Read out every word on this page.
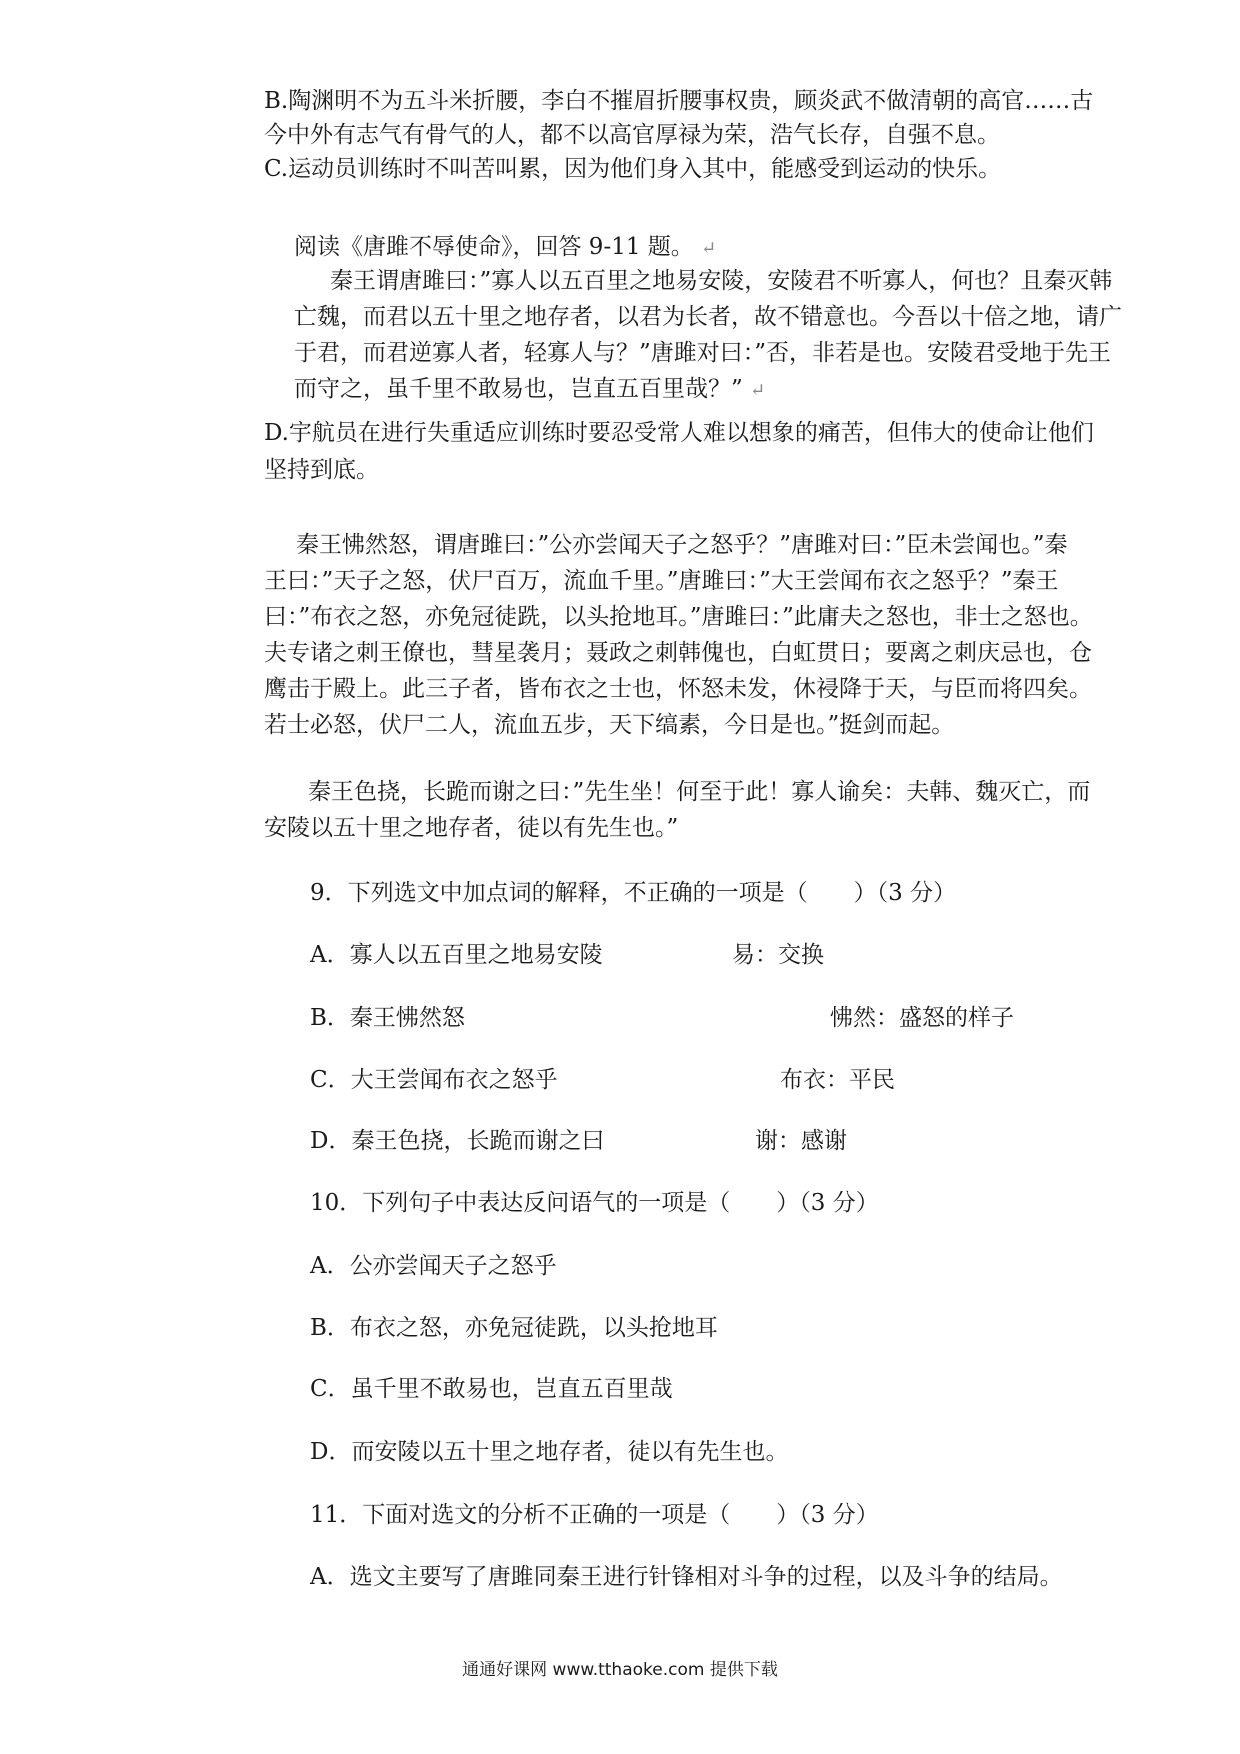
B.陶渊明不为五斗米折腰，李白不摧眉折腰事权贵，顾炎武不做清朝的高官……古
今中外有志气有骨气的人，都不以高官厚禄为荣，浩气长存，自强不息。
C.运动员训练时不叫苦叫累，因为他们身入其中，能感受到运动的快乐。
阅读《唐雎不辱使命》，回答 9-11 题。 ↵
秦王谓唐雎曰：”寡人以五百里之地易安陵，安陵君不听寡人，何也？且秦灭韩
亡魏，而君以五十里之地存者，以君为长者，故不错意也。今吾以十倍之地，请广
于君，而君逆寡人者，轻寡人与？”唐雎对曰：”否，非若是也。安陵君受地于先王
而守之，虽千里不敢易也，岂直五百里哉？” ↵
D.宇航员在进行失重适应训练时要忍受常人难以想象的痛苦，但伟大的使命让他们
坚持到底。
秦王怫然怒，谓唐雎曰：”公亦尝闻天子之怒乎？”唐雎对曰：”臣未尝闻也。”秦
王曰：”天子之怒，伏尸百万，流血千里。”唐雎曰：”大王尝闻布衣之怒乎？”秦王
曰：”布衣之怒，亦免冠徒跣，以头抢地耳。”唐雎曰：”此庸夫之怒也，非士之怒也。
夫专诸之刺王僚也，彗星袭月；聂政之刺韩傀也，白虹贯日；要离之刺庆忌也，仓
鹰击于殿上。此三子者，皆布衣之士也，怀怒未发，休祲降于天，与臣而将四矣。
若士必怒，伏尸二人，流血五步，天下缟素，今日是也。”挺剑而起。
秦王色挠，长跪而谢之曰：”先生坐！何至于此！寡人谕矣：夫韩、魏灭亡，而
安陵以五十里之地存者，徒以有先生也。”
9．下列选文中加点词的解释，不正确的一项是（　　）（3 分）
A．寡人以五百里之地易安陵	易：交换
B．秦王怫然怒	怫然：盛怒的样子
C．大王尝闻布衣之怒乎	布衣：平民
D．秦王色挠，长跪而谢之曰	谢：感谢
10．下列句子中表达反问语气的一项是（　　）（3 分）
A．公亦尝闻天子之怒乎
B．布衣之怒，亦免冠徒跣，以头抢地耳
C．虽千里不敢易也，岂直五百里哉
D．而安陵以五十里之地存者，徒以有先生也。
11．下面对选文的分析不正确的一项是（　　）（3 分）
A．选文主要写了唐雎同秦王进行针锋相对斗争的过程，以及斗争的结局。
通通好课网 www.tthaoke.com 提供下载
